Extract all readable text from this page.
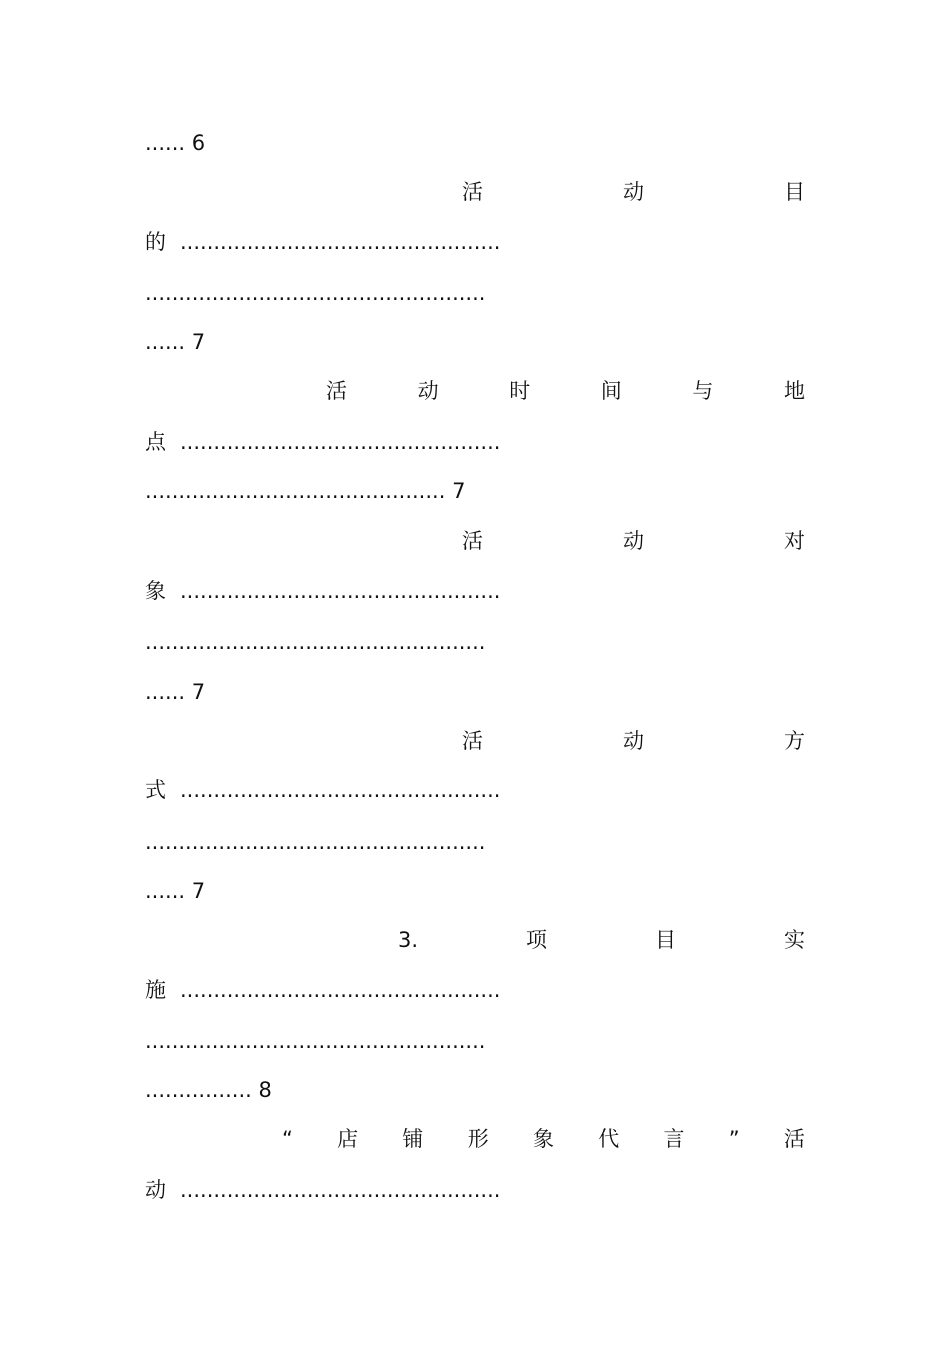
...... 6
活	动	目
的 ................................................
...................................................
...... 7
活	动	时	间	与	地
点 ................................................
............................................. 7
活	动	对
象 ................................................
...................................................
...... 7
活	动	方
式 ................................................
...................................................
...... 7
3.	项	目	实
施 ................................................
...................................................
................ 8
“ 店 铺 形 象 代 言 ” 活
动 ................................................
